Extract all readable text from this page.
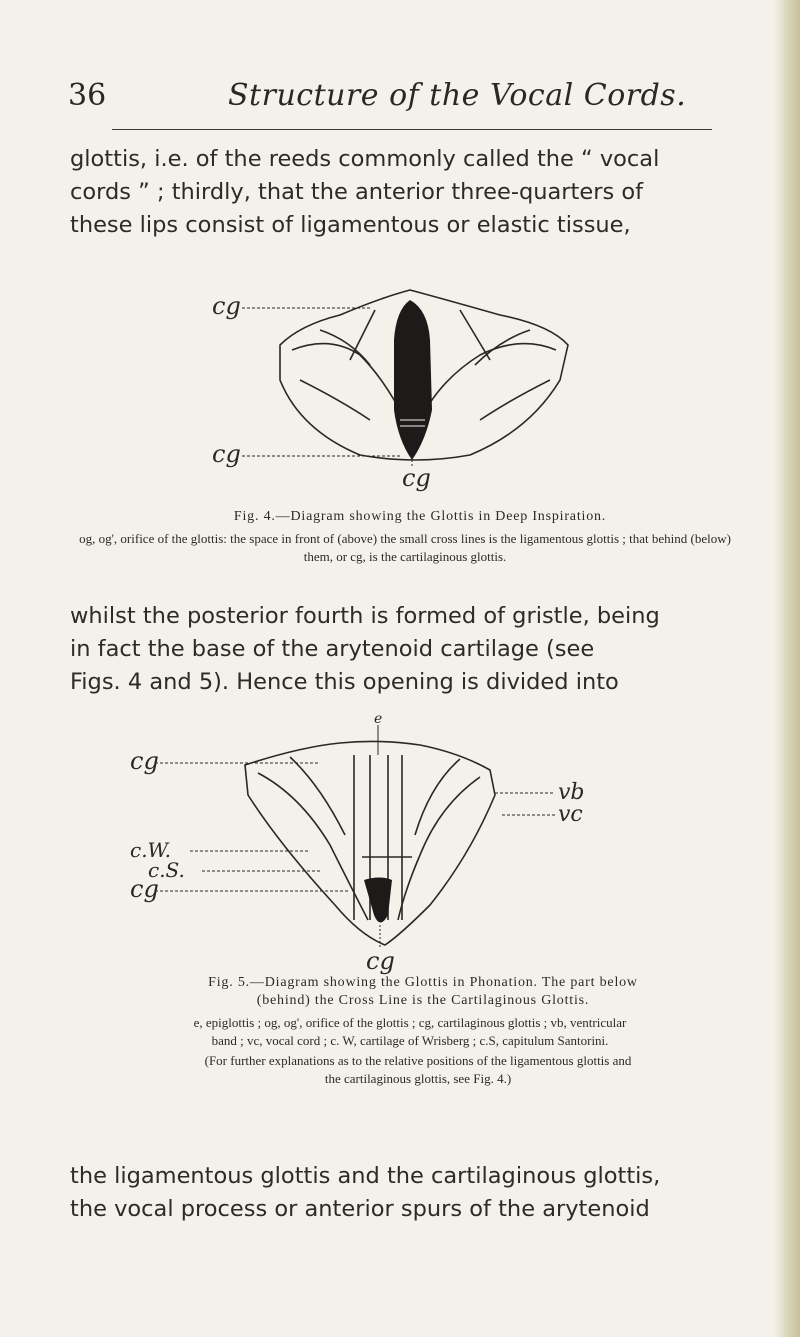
36	Structure of the Vocal Cords.

glottis, i.e. of the reeds commonly called the “ vocal
cords ” ; thirdly, that the anterior three-quarters of
these lips consist of ligamentous or elastic tissue,

cg
cg
cg
Fig. 4.—Diagram showing the Glottis in Deep Inspiration.
og, og', orifice of the glottis: the space in front of (above) the small cross lines is the ligamentous glottis ; that behind (below) them, or cg, is the cartilaginous glottis.

whilst the posterior fourth is formed of gristle, being
in fact the base of the arytenoid cartilage (see
Figs. 4 and 5). Hence this opening is divided into

e
cg
c.W.
c.S.
cg
vb
vc
cg
Fig. 5.—Diagram showing the Glottis in Phonation. The part below
(behind) the Cross Line is the Cartilaginous Glottis.
e, epiglottis ; og, og', orifice of the glottis ; cg, cartilaginous glottis ; vb, ventricular
band ; vc, vocal cord ; c. W, cartilage of Wrisberg ; c.S, capitulum Santorini.
(For further explanations as to the relative positions of the ligamentous glottis and
the cartilaginous glottis, see Fig. 4.)

the ligamentous glottis and the cartilaginous glottis,
the vocal process or anterior spurs of the arytenoid
